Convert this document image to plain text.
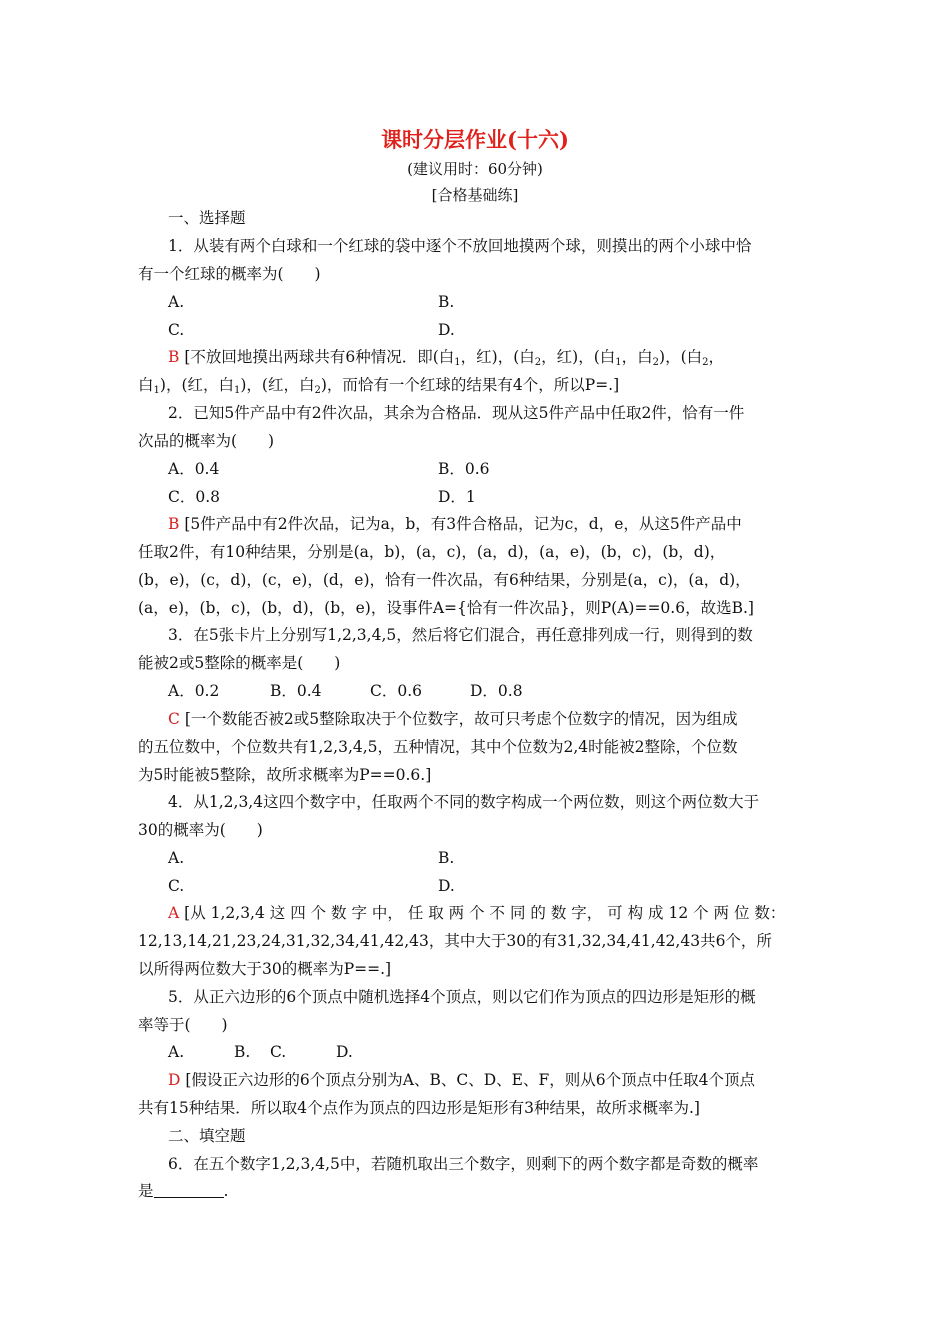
课时分层作业(十六)
(建议用时：60分钟)
[合格基础练]
一、选择题
1．从装有两个白球和一个红球的袋中逐个不放回地摸两个球，则摸出的两个小球中恰
有一个红球的概率为(　　)
A.	B.
C.	D.
B [不放回地摸出两球共有6种情况．即(白$_1$，红)，(白$_2$，红)，(白$_1$，白$_2$)，(白$_2$，
白$_1$)，(红，白$_1$)，(红，白$_2$)，而恰有一个红球的结果有4个，所以P=.]
2．已知5件产品中有2件次品，其余为合格品．现从这5件产品中任取2件，恰有一件
次品的概率为(　　)
A．0.4	B．0.6
C．0.8	D．1
B [5件产品中有2件次品，记为a，b，有3件合格品，记为c，d，e，从这5件产品中
任取2件，有10种结果，分别是(a，b)，(a，c)，(a，d)，(a，e)，(b，c)，(b，d)，
(b，e)，(c，d)，(c，e)，(d，e)，恰有一件次品，有6种结果，分别是(a，c)，(a，d)，
(a，e)，(b，c)，(b，d)，(b，e)，设事件A={恰有一件次品}，则P(A)==0.6，故选B.]
3．在5张卡片上分别写1,2,3,4,5，然后将它们混合，再任意排列成一行，则得到的数
能被2或5整除的概率是(　　)
A．0.2	B．0.4	C．0.6	D．0.8
C [一个数能否被2或5整除取决于个位数字，故可只考虑个位数字的情况，因为组成
的五位数中，个位数共有1,2,3,4,5，五种情况，其中个位数为2,4时能被2整除，个位数
为5时能被5整除，故所求概率为P==0.6.]
4．从1,2,3,4这四个数字中，任取两个不同的数字构成一个两位数，则这个两位数大于
30的概率为(　　)
A.	B.
C.	D.
A [从 1,2,3,4 这 四 个 数 字 中， 任 取 两 个 不 同 的 数 字， 可 构 成 12 个 两 位 数：
12,13,14,21,23,24,31,32,34,41,42,43，其中大于30的有31,32,34,41,42,43共6个，所
以所得两位数大于30的概率为P==.]
5．从正六边形的6个顶点中随机选择4个顶点，则以它们作为顶点的四边形是矩形的概
率等于(　　)
A.	B. C.	D.
D [假设正六边形的6个顶点分别为A、B、C、D、E、F，则从6个顶点中任取4个顶点
共有15种结果．所以取4个点作为顶点的四边形是矩形有3种结果，故所求概率为.]
二、填空题
6．在五个数字1,2,3,4,5中，若随机取出三个数字，则剩下的两个数字都是奇数的概率
是	.
